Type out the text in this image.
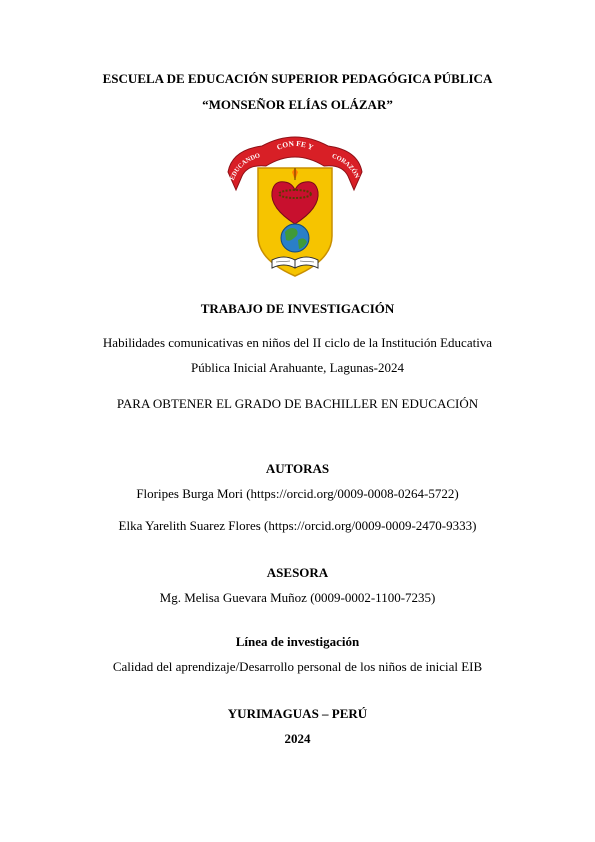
ESCUELA DE EDUCACIÓN SUPERIOR PEDAGÓGICA PÚBLICA
“MONSEÑOR ELÍAS OLÁZAR”
CON FE Y
EDUCANDO	CORAZÓN
TRABAJO DE INVESTIGACIÓN
Habilidades comunicativas en niños del II ciclo de la Institución Educativa
Pública Inicial Arahuante, Lagunas-2024
PARA OBTENER EL GRADO DE BACHILLER EN EDUCACIÓN
AUTORAS
Floripes Burga Mori (https://orcid.org/0009-0008-0264-5722)
Elka Yarelith Suarez Flores (https://orcid.org/0009-0009-2470-9333)
ASESORA
Mg. Melisa Guevara Muñoz (0009-0002-1100-7235)
Línea de investigación
Calidad del aprendizaje/Desarrollo personal de los niños de inicial EIB
YURIMAGUAS – PERÚ
2024
